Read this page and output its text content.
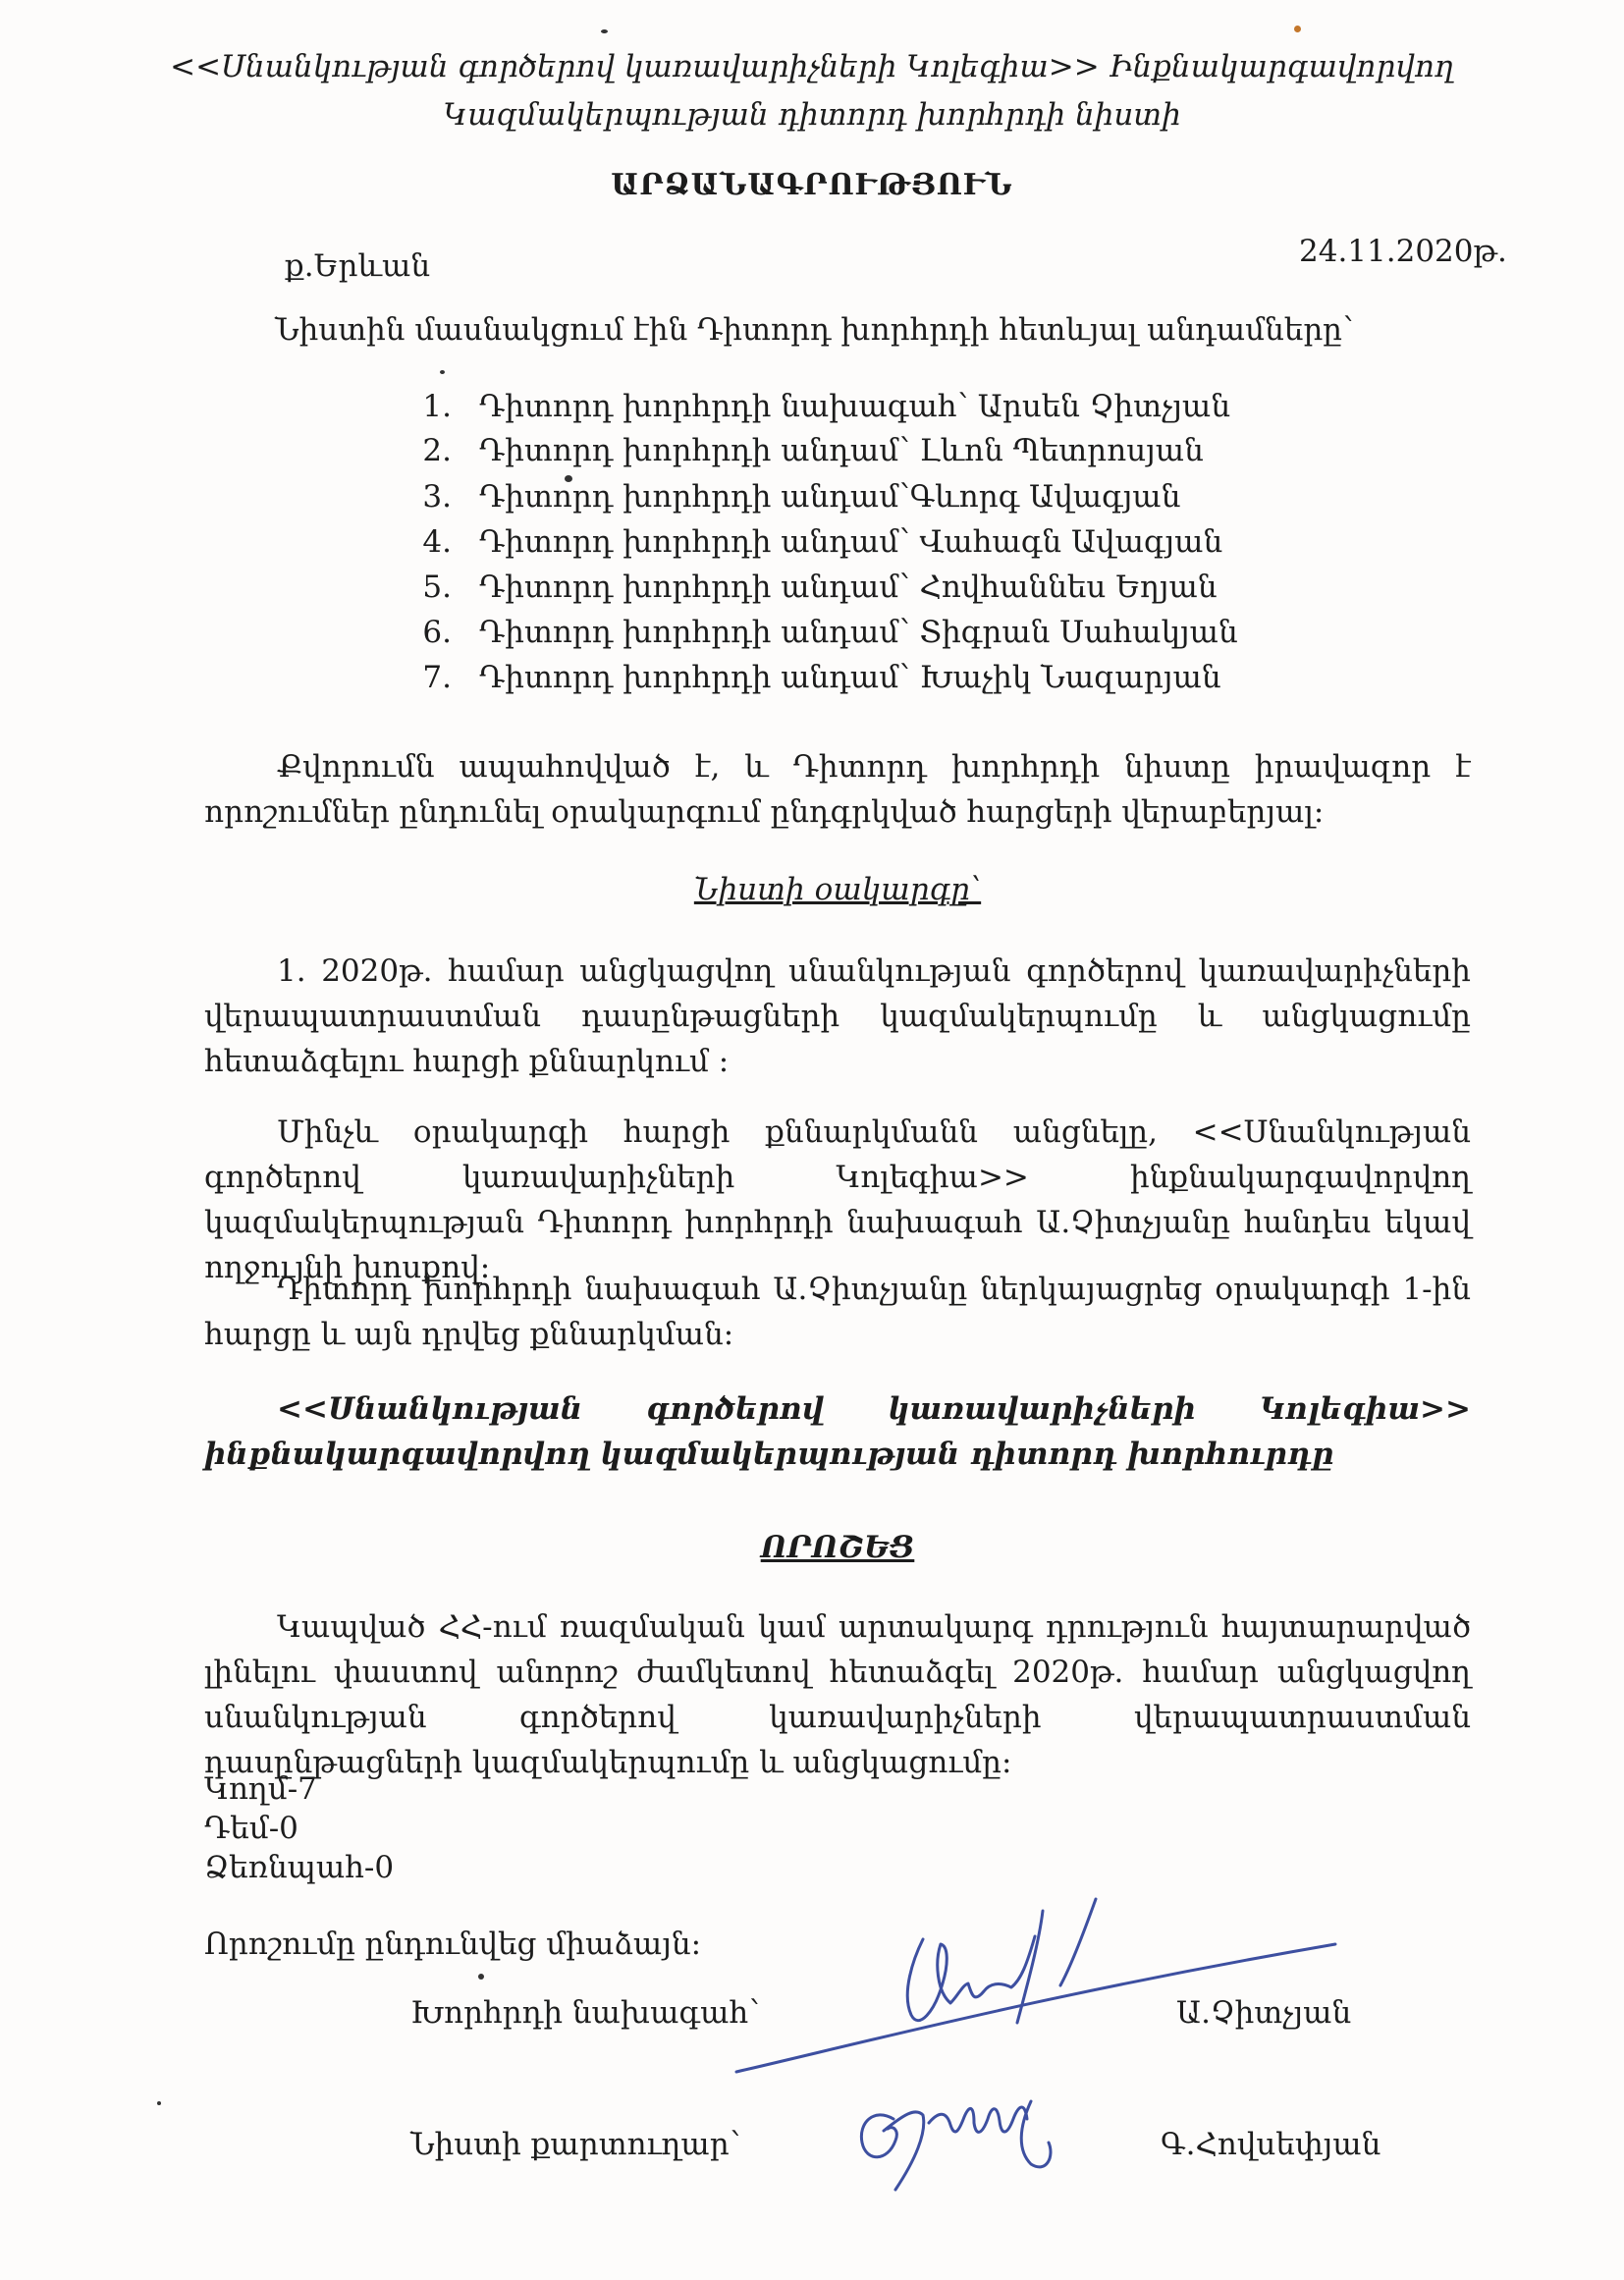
<<Սնանկության գործերով կառավարիչների Կոլեգիա>> Ինքնակարգավորվող
Կազմակերպության դիտորդ խորհրդի նիստի
ԱՐՁԱՆԱԳՐՈՒԹՅՈՒՆ
ք.Երևան	24.11.2020թ.
Նիստին մասնակցում էին Դիտորդ խորհրդի հետևյալ անդամները՝
1. Դիտորդ խորհրդի նախագահ՝ Արսեն Չիտչյան
2. Դիտորդ խորհրդի անդամ՝ Լևոն Պետրոսյան
3. Դիտորդ խորհրդի անդամ՝Գևորգ Ավագյան
4. Դիտորդ խորհրդի անդամ՝ Վահագն Ավագյան
5. Դիտորդ խորհրդի անդամ՝ Հովհաննես Եղյան
6. Դիտորդ խորհրդի անդամ՝ Տիգրան Սահակյան
7. Դիտորդ խորհրդի անդամ՝ Խաչիկ Նազարյան

Քվորումն ապահովված է, և Դիտորդ խորհրդի նիստը իրավազոր է որոշումներ ընդունել օրակարգում ընդգրկված հարցերի վերաբերյալ:

Նիստի օակարգը՝

1. 2020թ. համար անցկացվող սնանկության գործերով կառավարիչների վերապատրաստման դասընթացների կազմակերպումը և անցկացումը հետաձգելու հարցի քննարկում :

Մինչև օրակարգի հարցի քննարկմանն անցնելը, <<Սնանկության գործերով կառավարիչների Կոլեգիա>> ինքնակարգավորվող կազմակերպության Դիտորդ խորհրդի նախագահ Ա.Չիտչյանը հանդես եկավ ողջույնի խոսքով:

Դիտորդ խորհրդի նախագահ Ա.Չիտչյանը ներկայացրեց օրակարգի 1-ին հարցը և այն դրվեց քննարկման:

<<Սնանկության գործերով կառավարիչների Կոլեգիա>> ինքնակարգավորվող կազմակերպության դիտորդ խորհուրդը

ՈՐՈՇԵՑ

Կապված ՀՀ-ում ռազմական կամ արտակարգ դրություն հայտարարված լինելու փաստով անորոշ ժամկետով հետաձգել 2020թ. համար անցկացվող սնանկության գործերով կառավարիչների վերապատրաստման դասընթացների կազմակերպումը և անցկացումը:

Կողմ-7
Դեմ-0
Ձեռնպահ-0
Որոշումը ընդունվեց միաձայն:
Խորհրդի նախագահ՝	Ա.Չիտչյան
Նիստի քարտուղար՝	Գ.Հովսեփյան
